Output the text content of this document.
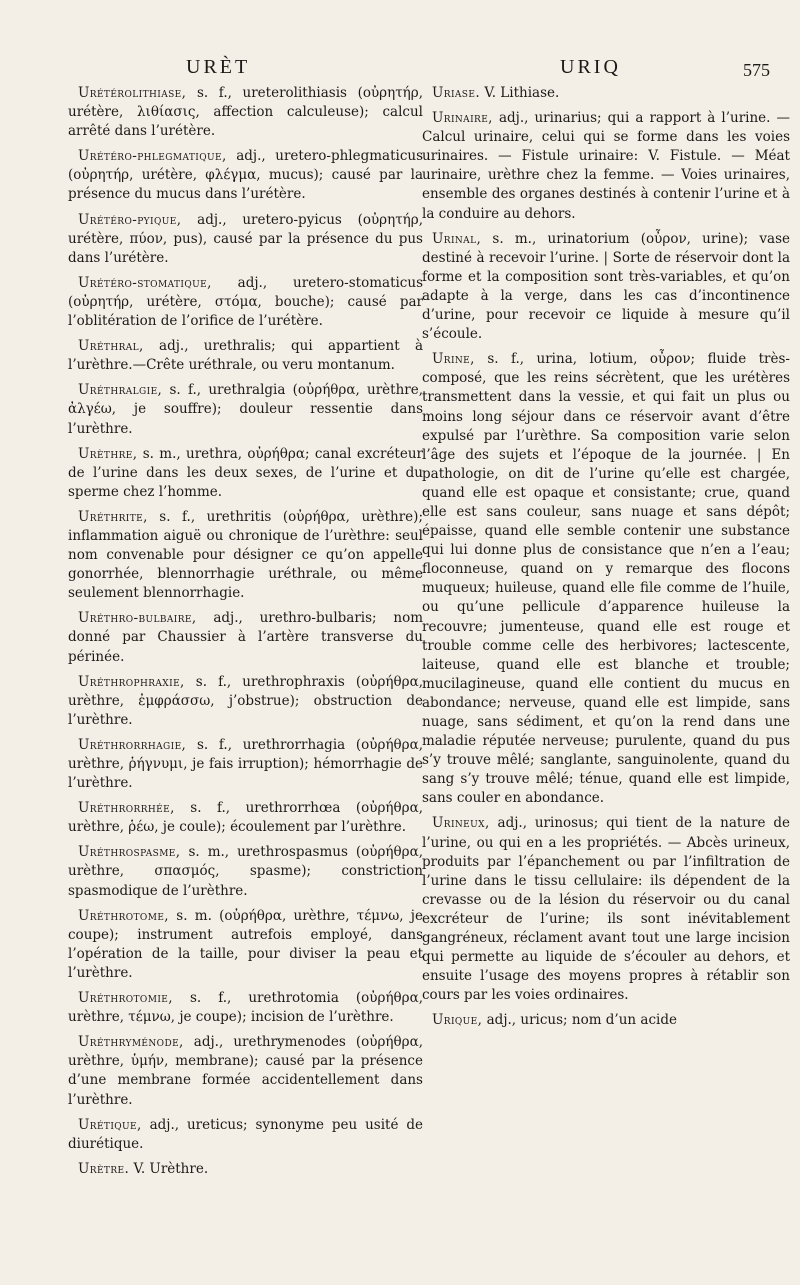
URÈT	URIQ	575

Urétérolithiase, s. f., ureterolithiasis (οὐρητήρ, urétère, λιθίασις, affection calculeuse); calcul arrêté dans l’urétère.

Urétéro-phlegmatique, adj., uretero-phlegmaticus (οὐρητήρ, urétère, φλέγμα, mucus); causé par la présence du mucus dans l’urétère.

Urétéro-pyique, adj., uretero-pyicus (οὐρητήρ, urétère, πύον, pus), causé par la présence du pus dans l’urétère.

Urétéro-stomatique, adj., uretero-stomaticus (οὐρητήρ, urétère, στόμα, bouche); causé par l’oblitération de l’orifice de l’urétère.

Uréthral, adj., urethralis; qui appartient à l’urèthre.—Crête uréthrale, ou veru montanum.

Uréthralgie, s. f., urethralgia (οὐρήθρα, urèthre, ἀλγέω, je souffre); douleur ressentie dans l’urèthre.

Urèthre, s. m., urethra, οὐρήθρα; canal excréteur de l’urine dans les deux sexes, de l’urine et du sperme chez l’homme.

Uréthrite, s. f., urethritis (οὐρήθρα, urèthre); inflammation aiguë ou chronique de l’urèthre: seul nom convenable pour désigner ce qu’on appelle gonorrhée, blennorrhagie uréthrale, ou même seulement blennorrhagie.

Uréthro-bulbaire, adj., urethro-bulbaris; nom donné par Chaussier à l’artère transverse du périnée.

Uréthrophraxie, s. f., urethrophraxis (οὐρήθρα, urèthre, ἐμφράσσω, j’obstrue); obstruction de l’urèthre.

Uréthrorrhagie, s. f., urethrorrhagia (οὐρήθρα, urèthre, ῥήγνυμι, je fais irruption); hémorrhagie de l’urèthre.

Uréthrorrhée, s. f., urethrorrhœa (οὐρήθρα, urèthre, ῥέω, je coule); écoulement par l’urèthre.

Uréthrospasme, s. m., urethrospasmus (οὐρήθρα, urèthre, σπασμός, spasme); constriction spasmodique de l’urèthre.

Uréthrotome, s. m. (οὐρήθρα, urèthre, τέμνω, je coupe); instrument autrefois employé, dans l’opération de la taille, pour diviser la peau et l’urèthre.

Uréthrotomie, s. f., urethrotomia (οὐρήθρα, urèthre, τέμνω, je coupe); incision de l’urèthre.

Uréthryménode, adj., urethrymenodes (οὐρήθρα, urèthre, ὑμήν, membrane); causé par la présence d’une membrane formée accidentellement dans l’urèthre.

Urétique, adj., ureticus; synonyme peu usité de diurétique.

Urètre. V. Urèthre.

Uriase. V. Lithiase.

Urinaire, adj., urinarius; qui a rapport à l’urine. — Calcul urinaire, celui qui se forme dans les voies urinaires. — Fistule urinaire: V. Fistule. — Méat urinaire, urèthre chez la femme. — Voies urinaires, ensemble des organes destinés à contenir l’urine et à la conduire au dehors.

Urinal, s. m., urinatorium (οὖρον, urine); vase destiné à recevoir l’urine. | Sorte de réservoir dont la forme et la composition sont très-variables, et qu’on adapte à la verge, dans les cas d’incontinence d’urine, pour recevoir ce liquide à mesure qu’il s’écoule.

Urine, s. f., urina, lotium, οὖρον; fluide très-composé, que les reins sécrètent, que les urétères transmettent dans la vessie, et qui fait un plus ou moins long séjour dans ce réservoir avant d’être expulsé par l’urèthre. Sa composition varie selon l’âge des sujets et l’époque de la journée. | En pathologie, on dit de l’urine qu’elle est chargée, quand elle est opaque et consistante; crue, quand elle est sans couleur, sans nuage et sans dépôt; épaisse, quand elle semble contenir une substance qui lui donne plus de consistance que n’en a l’eau; floconneuse, quand on y remarque des flocons muqueux; huileuse, quand elle file comme de l’huile, ou qu’une pellicule d’apparence huileuse la recouvre; jumenteuse, quand elle est rouge et trouble comme celle des herbivores; lactescente, laiteuse, quand elle est blanche et trouble; mucilagineuse, quand elle contient du mucus en abondance; nerveuse, quand elle est limpide, sans nuage, sans sédiment, et qu’on la rend dans une maladie réputée nerveuse; purulente, quand du pus s’y trouve mêlé; sanglante, sanguinolente, quand du sang s’y trouve mêlé; ténue, quand elle est limpide, sans couler en abondance.

Urineux, adj., urinosus; qui tient de la nature de l’urine, ou qui en a les propriétés. — Abcès urineux, produits par l’épanchement ou par l’infiltration de l’urine dans le tissu cellulaire: ils dépendent de la crevasse ou de la lésion du réservoir ou du canal excréteur de l’urine; ils sont inévitablement gangréneux, réclament avant tout une large incision qui permette au liquide de s’écouler au dehors, et ensuite l’usage des moyens propres à rétablir son cours par les voies ordinaires.

Urique, adj., uricus; nom d’un acide
